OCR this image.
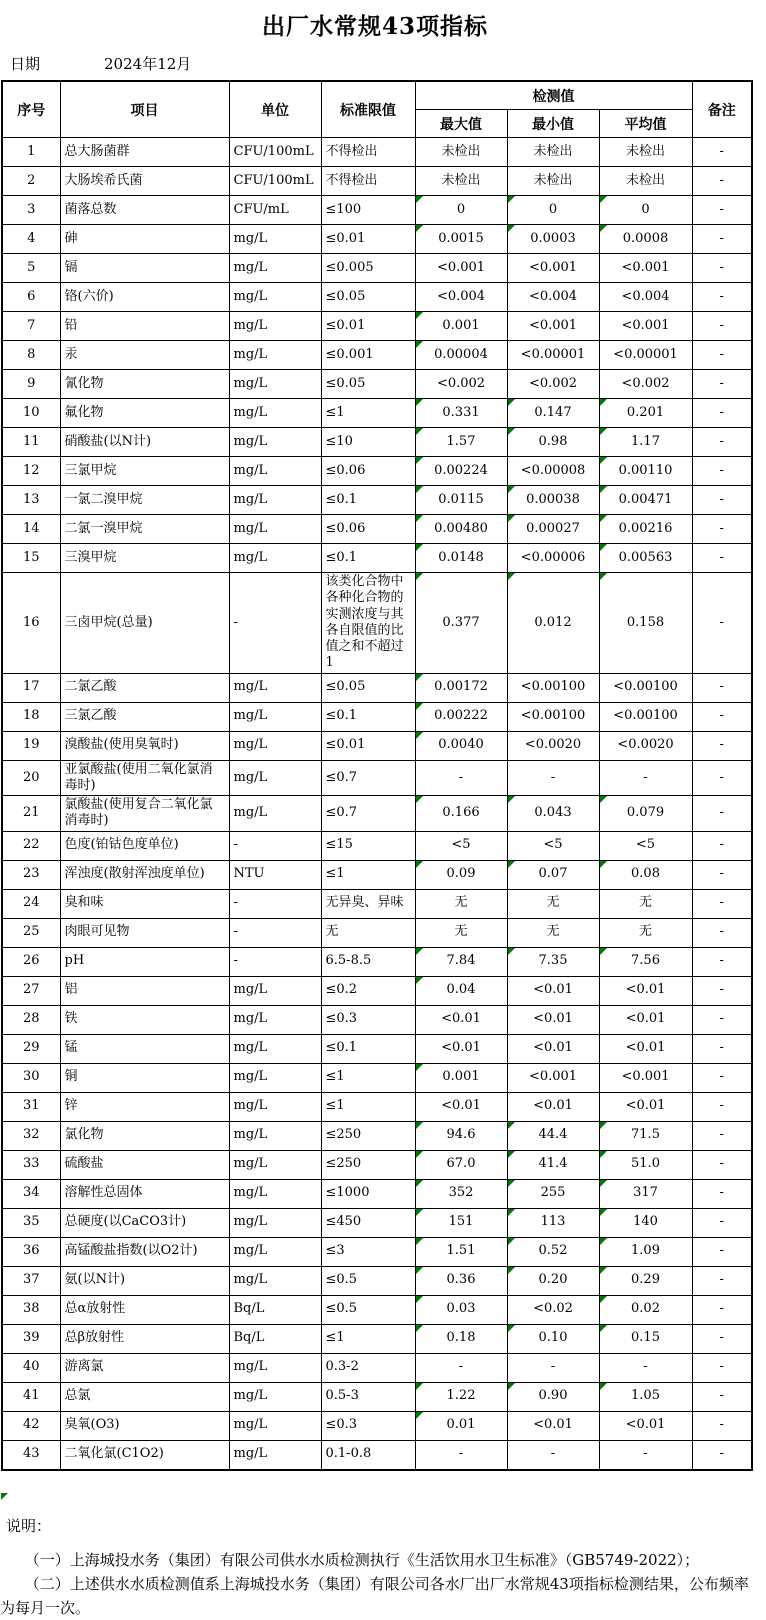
出厂水常规43项指标
日期	2024年12月
序号	项目	单位	标准限值	检测值			备注
				最大值	最小值	平均值	
1	总大肠菌群	CFU/100mL	不得检出	未检出	未检出	未检出	-
2	大肠埃希氏菌	CFU/100mL	不得检出	未检出	未检出	未检出	-
3	菌落总数	CFU/mL	≤100	0	0	0	-
4	砷	mg/L	≤0.01	0.0015	0.0003	0.0008	-
5	镉	mg/L	≤0.005	<0.001	<0.001	<0.001	-
6	铬(六价)	mg/L	≤0.05	<0.004	<0.004	<0.004	-
7	铅	mg/L	≤0.01	0.001	<0.001	<0.001	-
8	汞	mg/L	≤0.001	0.00004	<0.00001	<0.00001	-
9	氰化物	mg/L	≤0.05	<0.002	<0.002	<0.002	-
10	氟化物	mg/L	≤1	0.331	0.147	0.201	-
11	硝酸盐(以N计)	mg/L	≤10	1.57	0.98	1.17	-
12	三氯甲烷	mg/L	≤0.06	0.00224	<0.00008	0.00110	-
13	一氯二溴甲烷	mg/L	≤0.1	0.0115	0.00038	0.00471	-
14	二氯一溴甲烷	mg/L	≤0.06	0.00480	0.00027	0.00216	-
15	三溴甲烷	mg/L	≤0.1	0.0148	<0.00006	0.00563	-
16	三卤甲烷(总量)	-	该类化合物中各种化合物的实测浓度与其各自限值的比值之和不超过1	0.377	0.012	0.158	-
17	二氯乙酸	mg/L	≤0.05	0.00172	<0.00100	<0.00100	-
18	三氯乙酸	mg/L	≤0.1	0.00222	<0.00100	<0.00100	-
19	溴酸盐(使用臭氧时)	mg/L	≤0.01	0.0040	<0.0020	<0.0020	-
20	亚氯酸盐(使用二氧化氯消毒时)	mg/L	≤0.7	-	-	-	-
21	氯酸盐(使用复合二氧化氯消毒时)	mg/L	≤0.7	0.166	0.043	0.079	-
22	色度(铂钴色度单位)	-	≤15	<5	<5	<5	-
23	浑浊度(散射浑浊度单位)	NTU	≤1	0.09	0.07	0.08	-
24	臭和味	-	无异臭、异味	无	无	无	-
25	肉眼可见物	-	无	无	无	无	-
26	pH	-	6.5-8.5	7.84	7.35	7.56	-
27	铝	mg/L	≤0.2	0.04	<0.01	<0.01	-
28	铁	mg/L	≤0.3	<0.01	<0.01	<0.01	-
29	锰	mg/L	≤0.1	<0.01	<0.01	<0.01	-
30	铜	mg/L	≤1	0.001	<0.001	<0.001	-
31	锌	mg/L	≤1	<0.01	<0.01	<0.01	-
32	氯化物	mg/L	≤250	94.6	44.4	71.5	-
33	硫酸盐	mg/L	≤250	67.0	41.4	51.0	-
34	溶解性总固体	mg/L	≤1000	352	255	317	-
35	总硬度(以CaCO3计)	mg/L	≤450	151	113	140	-
36	高锰酸盐指数(以O2计)	mg/L	≤3	1.51	0.52	1.09	-
37	氨(以N计)	mg/L	≤0.5	0.36	0.20	0.29	-
38	总α放射性	Bq/L	≤0.5	0.03	<0.02	0.02	-
39	总β放射性	Bq/L	≤1	0.18	0.10	0.15	-
40	游离氯	mg/L	0.3-2	-	-	-	-
41	总氯	mg/L	0.5-3	1.22	0.90	1.05	-
42	臭氧(O3)	mg/L	≤0.3	0.01	<0.01	<0.01	-
43	二氧化氯(C1O2)	mg/L	0.1-0.8	-	-	-	-
说明：

（一）上海城投水务（集团）有限公司供水水质检测执行《生活饮用水卫生标准》（GB5749-2022）；

（二）上述供水水质检测值系上海城投水务（集团）有限公司各水厂出厂水常规43项指标检测结果，公布频率为每月一次。
